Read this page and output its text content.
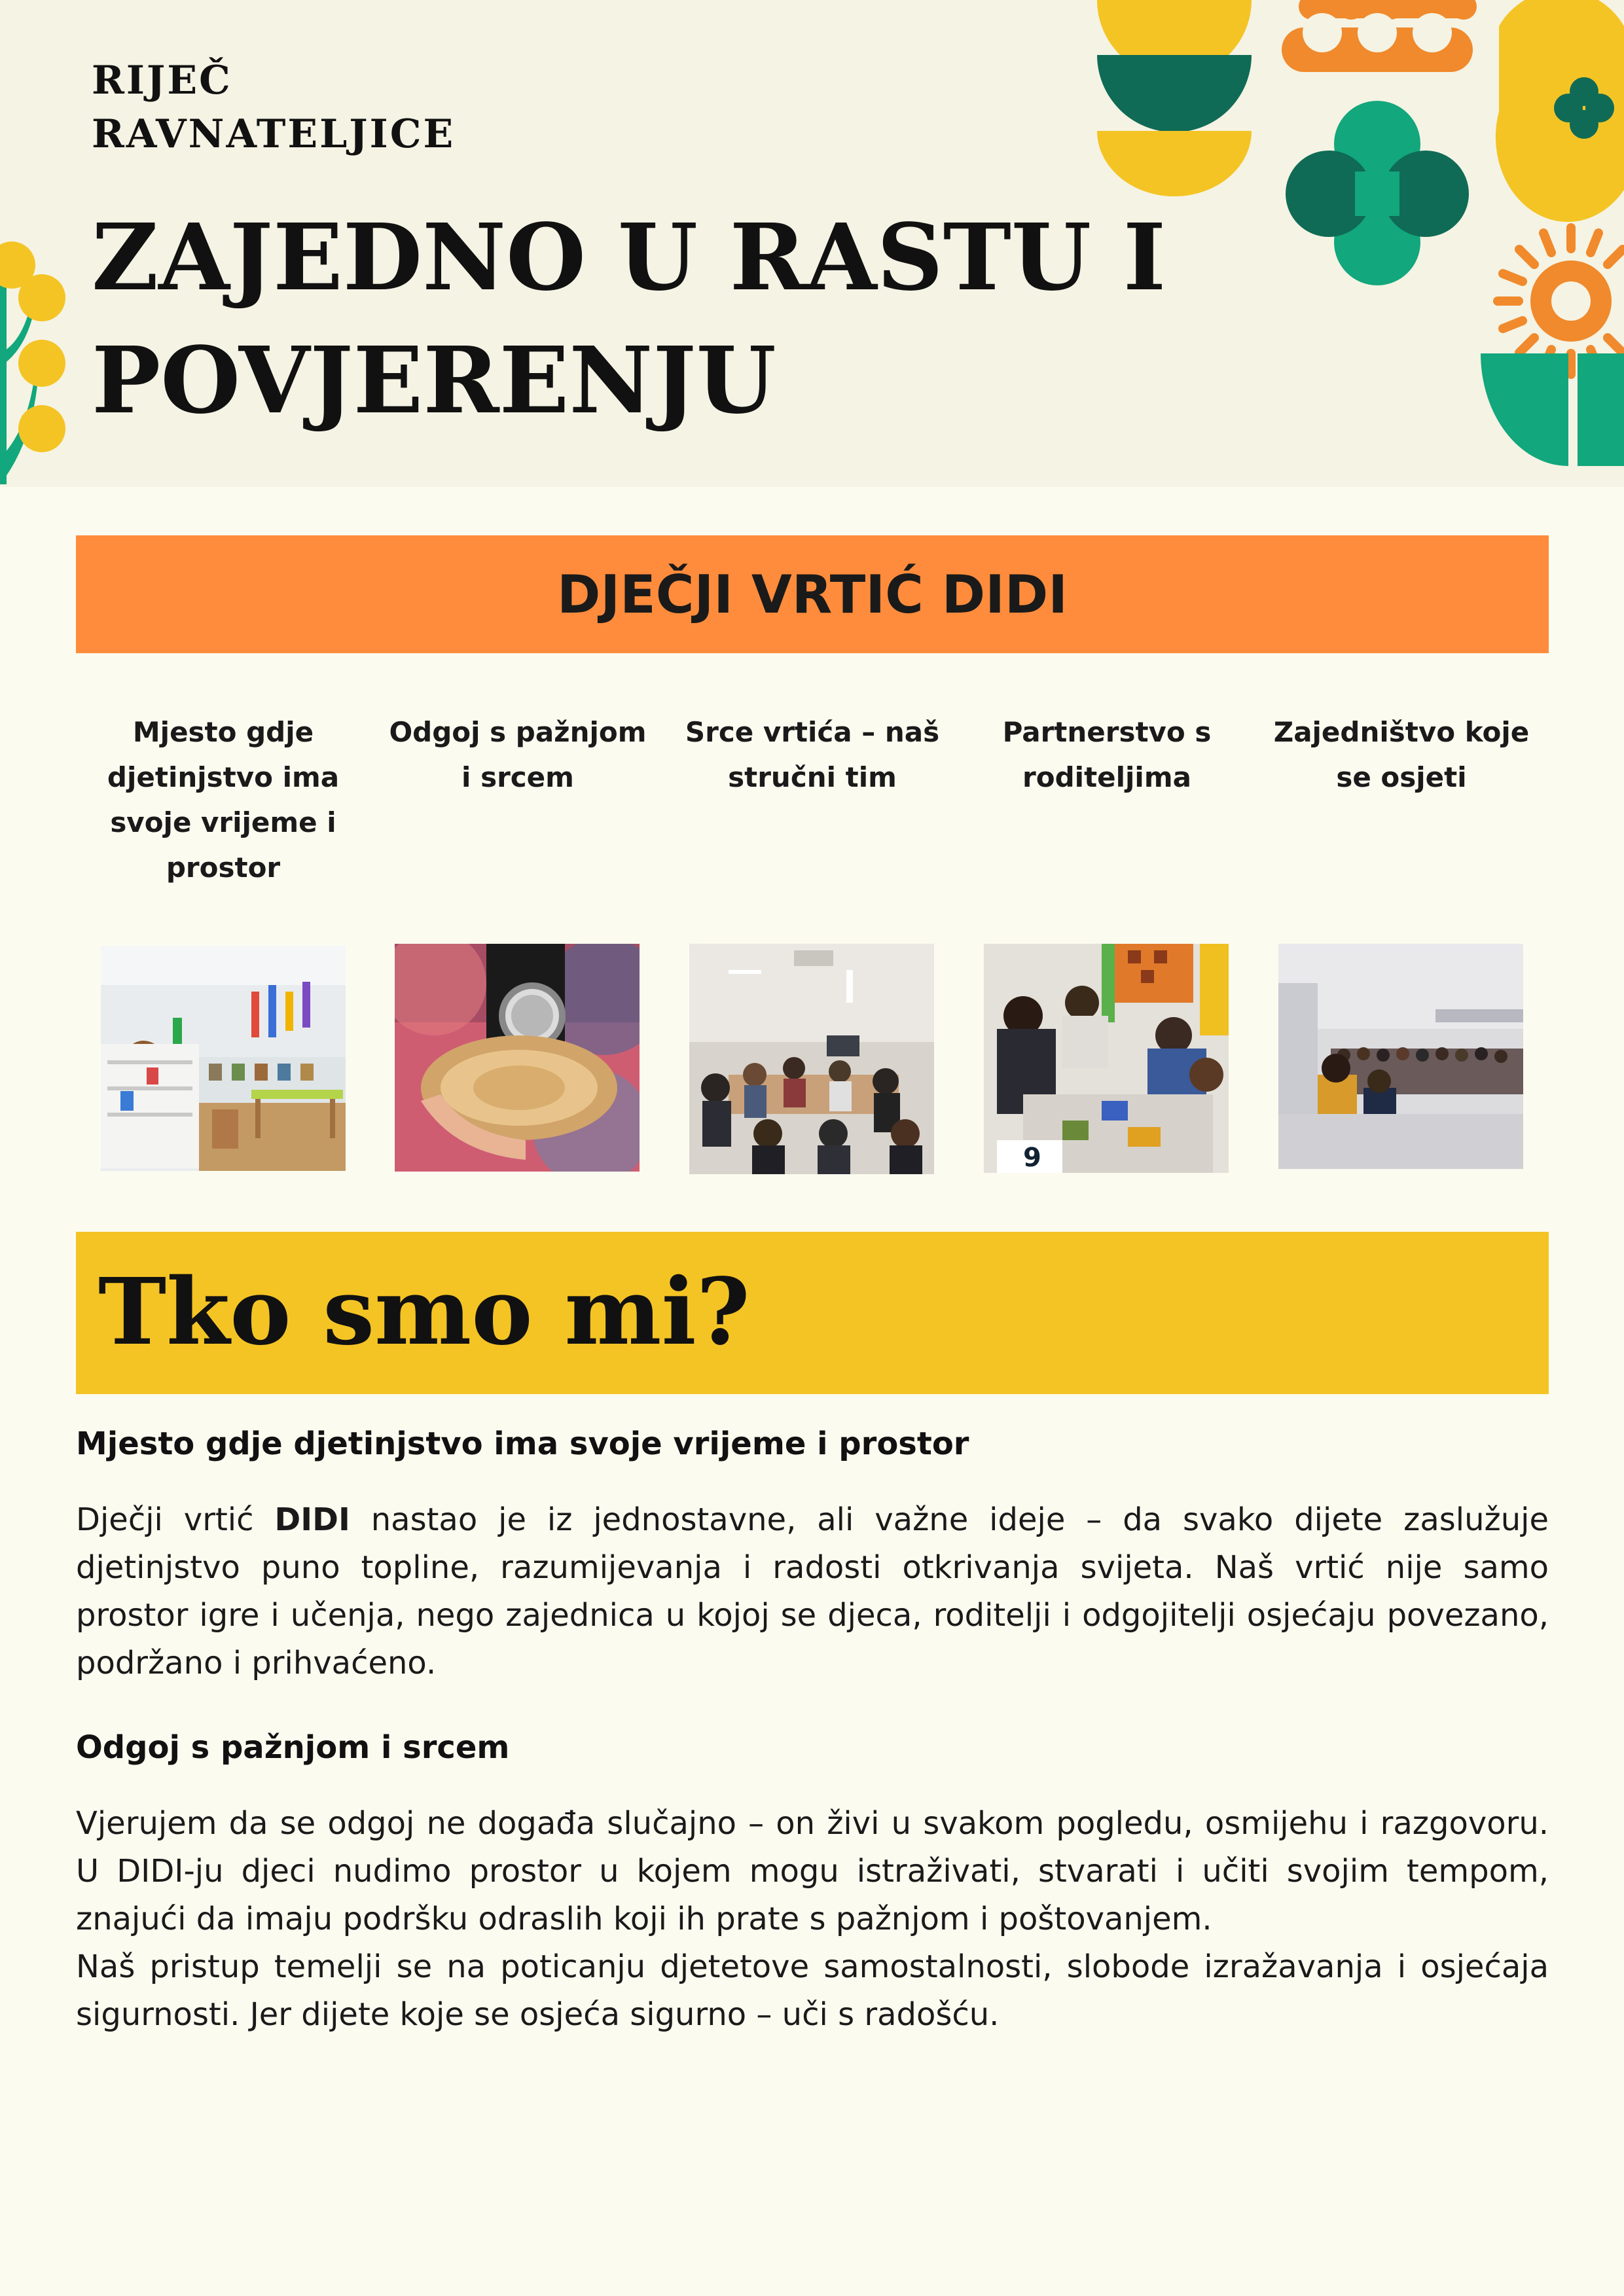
RIJEČ
RAVNATELJICE

ZAJEDNO U RASTU I
POVJERENJU
DJEČJI VRTIĆ DIDI

Mjesto gdje djetinjstvo ima svoje vrijeme i prostor

Odgoj s pažnjom i srcem

Srce vrtića – naš stručni tim

Partnerstvo s roditeljima

Zajedništvo koje se osjeti

9
Tko smo mi?
Mjesto gdje djetinjstvo ima svoje vrijeme i prostor

Dječji vrtić DIDI nastao je iz jednostavne, ali važne ideje – da svako dijete zaslužuje djetinjstvo puno topline, razumijevanja i radosti otkrivanja svijeta. Naš vrtić nije samo prostor igre i učenja, nego zajednica u kojoj se djeca, roditelji i odgojitelji osjećaju povezano, podržano i prihvaćeno.

Odgoj s pažnjom i srcem

Vjerujem da se odgoj ne događa slučajno – on živi u svakom pogledu, osmijehu i razgovoru. U DIDI-ju djeci nudimo prostor u kojem mogu istraživati, stvarati i učiti svojim tempom, znajući da imaju podršku odraslih koji ih prate s pažnjom i poštovanjem.

Naš pristup temelji se na poticanju djetetove samostalnosti, slobode izražavanja i osjećaja sigurnosti. Jer dijete koje se osjeća sigurno – uči s radošću.
